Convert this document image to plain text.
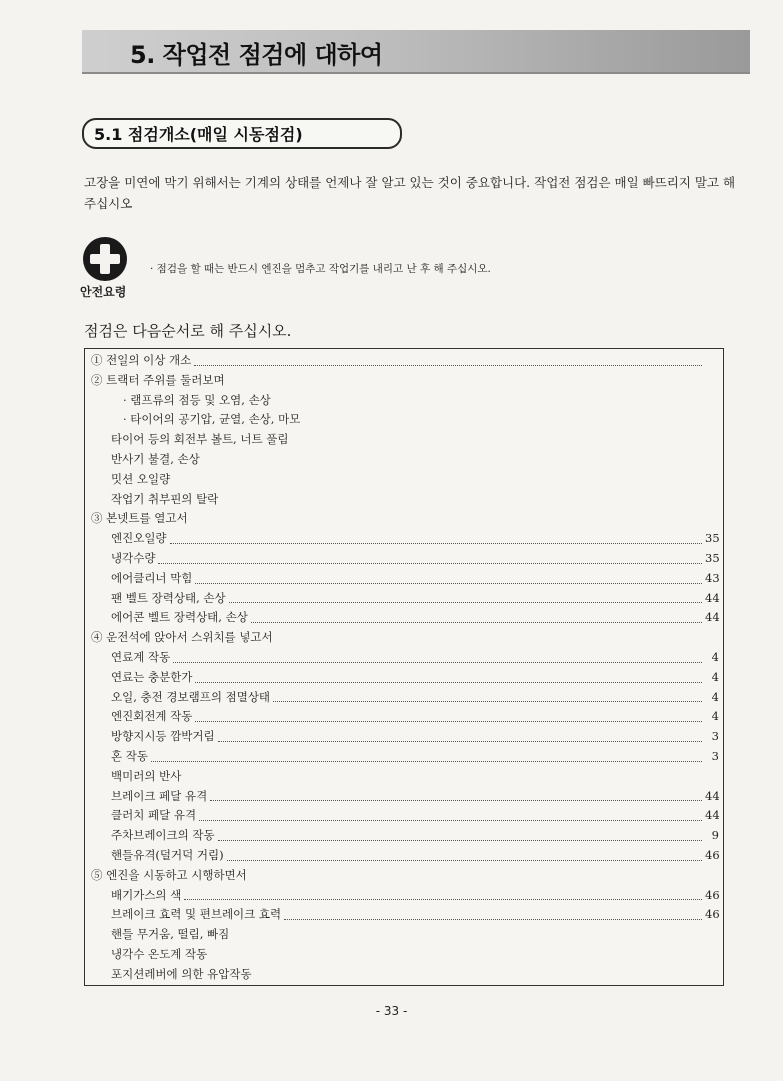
5. 작업전 점검에 대하여
5.1 점검개소(매일 시동점검)
고장을 미연에 막기 위해서는 기계의 상태를 언제나 잘 알고 있는 것이 중요합니다. 작업전 점검은 매일 빠뜨리지 말고 해 주십시오
안전요령
· 점검을 할 때는 반드시 엔진을 멈추고 작업기를 내리고 난 후 해 주십시오.
점검은 다음순서로 해 주십시오.
① 전일의 이상 개소
② 트랙터 주위를 둘러보며
· 램프류의 점등 및 오염, 손상
· 타이어의 공기압, 균열, 손상, 마모
타이어 등의 회전부 볼트, 너트 풀림
반사기 불결, 손상
밋션 오일량
작업기 취부핀의 탈락
③ 본넷트를 열고서
엔진오일량	35
냉각수량	35
에어클리너 막힘	43
팬 벨트 장력상태, 손상	44
에어콘 벨트 장력상태, 손상	44
④ 운전석에 앉아서 스위치를 넣고서
연료계 작동	4
연료는 충분한가	4
오일, 충전 경보램프의 점멸상태	4
엔진회전계 작동	4
방향지시등 깜박거림	3
혼 작동	3
백미러의 반사
브레이크 페달 유격	44
클러치 페달 유격	44
주차브레이크의 작동	9
핸들유격(덜거덕 거림)	46
⑤ 엔진을 시동하고 시행하면서
배기가스의 색	46
브레이크 효력 및 편브레이크 효력	46
핸들 무거움, 떨림, 빠짐
냉각수 온도계 작동
포지션레버에 의한 유압작동
- 33 -
